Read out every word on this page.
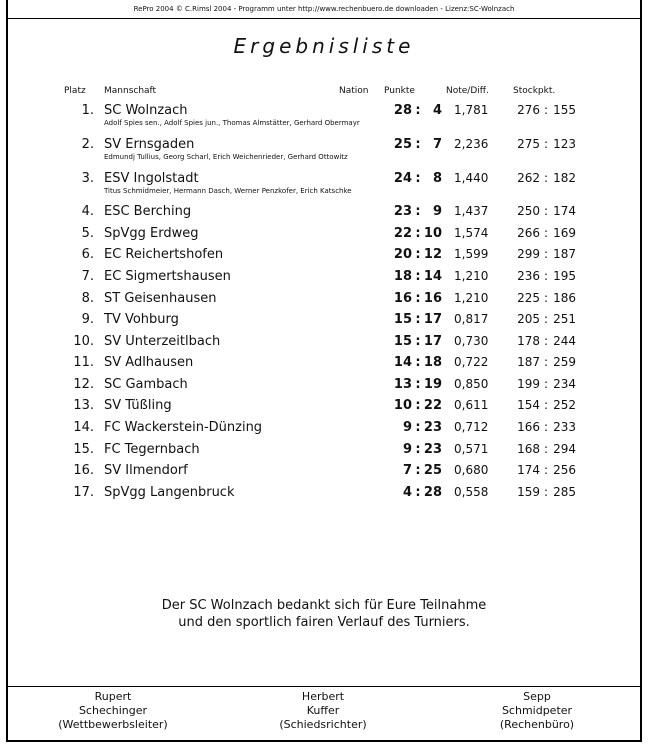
RePro 2004 © C.Rimsl 2004 - Programm unter http://www.rechenbuero.de downloaden - Lizenz:SC-Wolnzach
Ergebnisliste
Platz Mannschaft	Nation Punkte	Note/Diff.	Stockpkt.
1. SC Wolnzach	28 : 4 1,781	276 : 155
Adolf Spies sen., Adolf Spies jun., Thomas Almstätter, Gerhard Obermayr
2. SV Ernsgaden	25 : 7 2,236	275 : 123
Edmundj Tullius, Georg Scharl, Erich Weichenrieder, Gerhard Ottowitz
3. ESV Ingolstadt	24 : 8 1,440	262 : 182
Titus Schmidmeier, Hermann Dasch, Werner Penzkofer, Erich Katschke
4. ESC Berching	23 : 9 1,437	250 : 174
5. SpVgg Erdweg	22 : 10 1,574	266 : 169
6. EC Reichertshofen	20 : 12 1,599	299 : 187
7. EC Sigmertshausen	18 : 14 1,210	236 : 195
8. ST Geisenhausen	16 : 16 1,210	225 : 186
9. TV Vohburg	15 : 17 0,817	205 : 251
10. SV Unterzeitlbach	15 : 17 0,730	178 : 244
11. SV Adlhausen	14 : 18 0,722	187 : 259
12. SC Gambach	13 : 19 0,850	199 : 234
13. SV Tüßling	10 : 22 0,611	154 : 252
14. FC Wackerstein-Dünzing	9 : 23 0,712	166 : 233
15. FC Tegernbach	9 : 23 0,571	168 : 294
16. SV Ilmendorf	7 : 25 0,680	174 : 256
17. SpVgg Langenbruck	4 : 28 0,558	159 : 285
Der SC Wolnzach bedankt sich für Eure Teilnahme
und den sportlich fairen Verlauf des Turniers.
Rupert
Schechinger
(Wettbewerbsleiter)
Herbert
Kuffer
(Schiedsrichter)
Sepp
Schmidpeter
(Rechenbüro)
